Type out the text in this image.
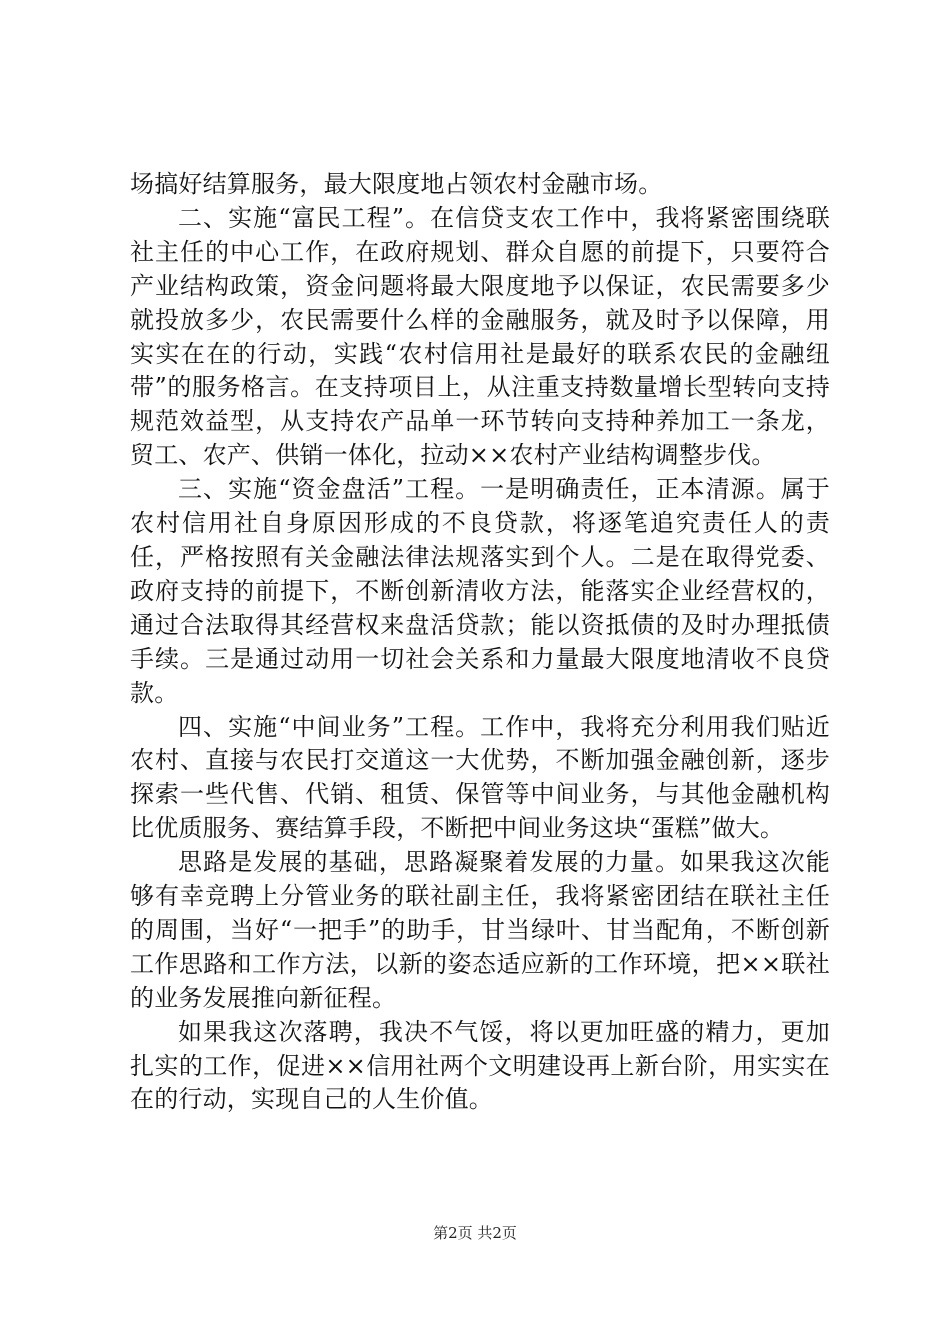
场搞好结算服务，最大限度地占领农村金融市场。

二、实施“富民工程”。在信贷支农工作中，我将紧密围绕联社主任的中心工作，在政府规划、群众自愿的前提下，只要符合产业结构政策，资金问题将最大限度地予以保证，农民需要多少就投放多少，农民需要什么样的金融服务，就及时予以保障，用实实在在的行动，实践“农村信用社是最好的联系农民的金融纽带”的服务格言。在支持项目上，从注重支持数量增长型转向支持规范效益型，从支持农产品单一环节转向支持种养加工一条龙，贸工、农产、供销一体化，拉动××农村产业结构调整步伐。

三、实施“资金盘活”工程。一是明确责任，正本清源。属于农村信用社自身原因形成的不良贷款，将逐笔追究责任人的责任，严格按照有关金融法律法规落实到个人。二是在取得党委、政府支持的前提下，不断创新清收方法，能落实企业经营权的，通过合法取得其经营权来盘活贷款；能以资抵债的及时办理抵债手续。三是通过动用一切社会关系和力量最大限度地清收不良贷款。

四、实施“中间业务”工程。工作中，我将充分利用我们贴近农村、直接与农民打交道这一大优势，不断加强金融创新，逐步探索一些代售、代销、租赁、保管等中间业务，与其他金融机构比优质服务、赛结算手段，不断把中间业务这块“蛋糕”做大。

思路是发展的基础，思路凝聚着发展的力量。如果我这次能够有幸竞聘上分管业务的联社副主任，我将紧密团结在联社主任的周围，当好“一把手”的助手，甘当绿叶、甘当配角，不断创新工作思路和工作方法，以新的姿态适应新的工作环境，把××联社的业务发展推向新征程。

如果我这次落聘，我决不气馁，将以更加旺盛的精力，更加扎实的工作，促进××信用社两个文明建设再上新台阶，用实实在在的行动，实现自己的人生价值。

第2页 共2页
